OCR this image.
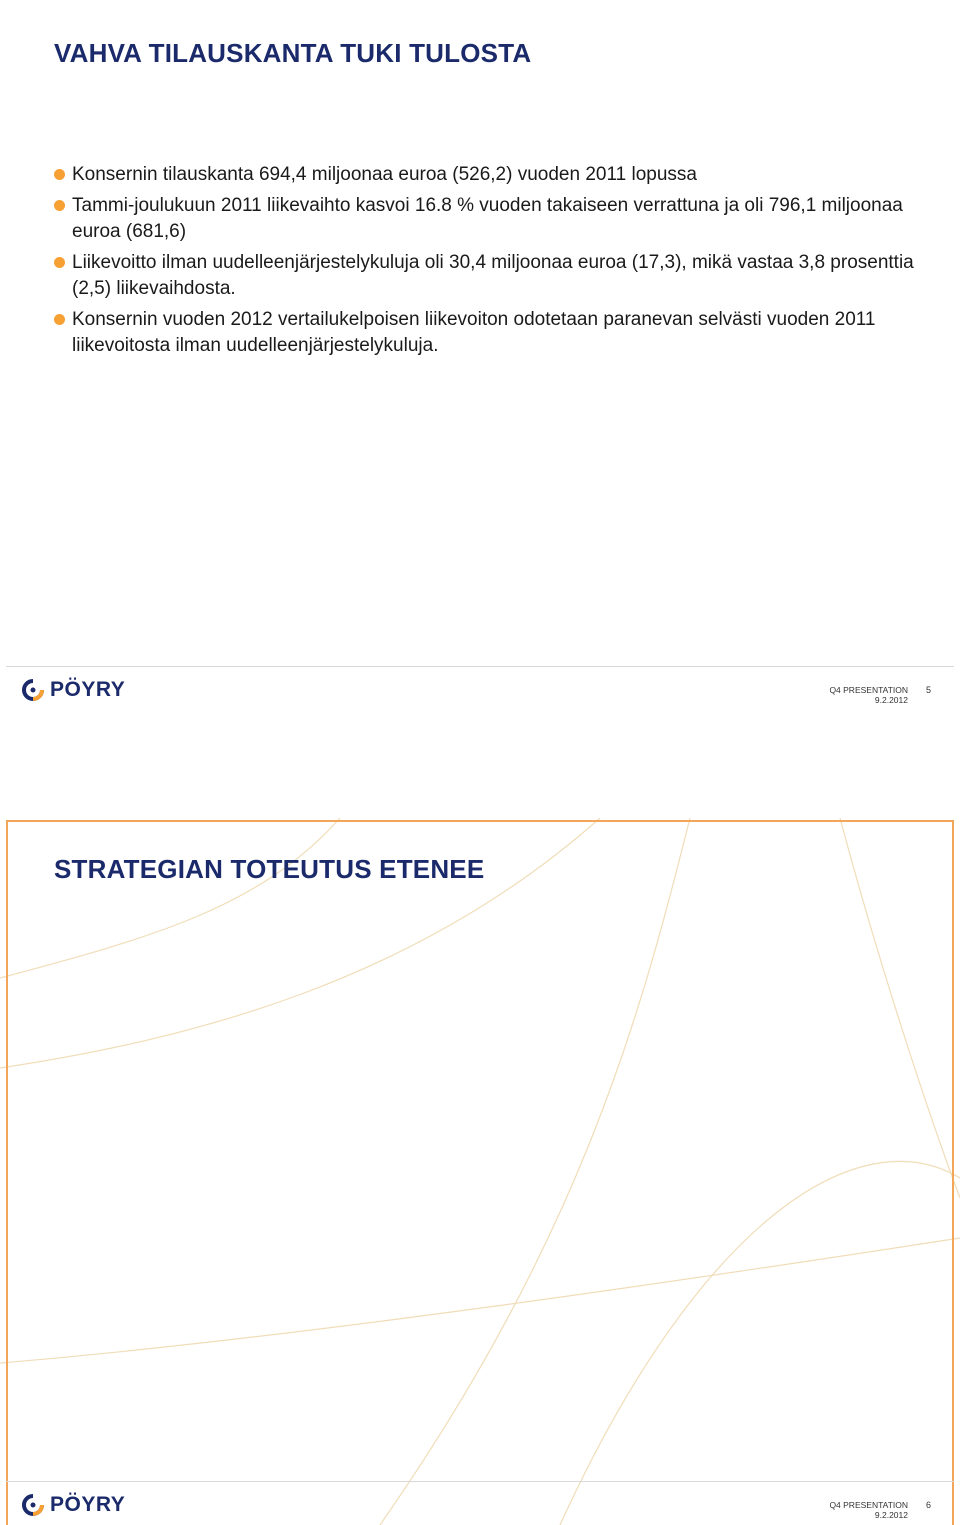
VAHVA TILAUSKANTA TUKI TULOSTA
Konsernin tilauskanta 694,4 miljoonaa euroa (526,2) vuoden 2011 lopussa
Tammi-joulukuun 2011 liikevaihto kasvoi 16.8 % vuoden takaiseen verrattuna ja oli 796,1 miljoonaa euroa (681,6)
Liikevoitto ilman uudelleenjärjestelykuluja oli 30,4 miljoonaa euroa (17,3), mikä vastaa 3,8 prosenttia (2,5) liikevaihdosta.
Konsernin vuoden 2012 vertailukelpoisen liikevoiton odotetaan paranevan selvästi vuoden 2011 liikevoitosta ilman uudelleenjärjestelykuluja.
PÖYRY	Q4 PRESENTATION
9.2.2012
5
STRATEGIAN TOTEUTUS ETENEE
PÖYRY	Q4 PRESENTATION
9.2.2012
6
